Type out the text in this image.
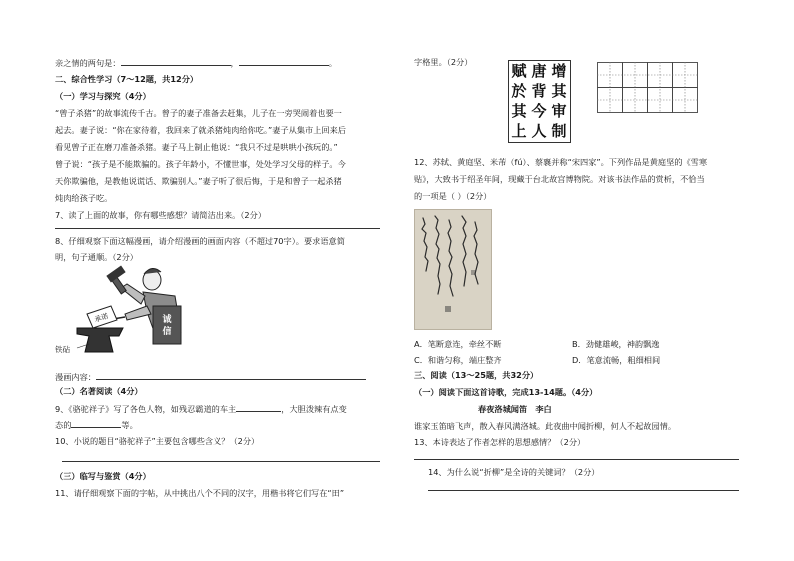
亲之情的两句是：	，	。
二、综合性学习（7～12题，共12分）
（一）学习与探究（4分）
“曾子杀猪”的故事流传千古。曾子的妻子准备去赶集，儿子在一旁哭闹着也要一
起去。妻子说：“你在家待着，我回来了就杀猪炖肉给你吃。”妻子从集市上回来后
看见曾子正在磨刀准备杀猪。妻子马上制止他说：“我只不过是哄哄小孩玩的。”
曾子说：“孩子是不能欺骗的。孩子年龄小，不懂世事，处处学习父母的样子。今
天你欺骗他，是教他说谎话、欺骗别人。”妻子听了很后悔，于是和曾子一起杀猪
炖肉给孩子吃。
7、读了上面的故事，你有哪些感想？请简洁出来。（2分）
8、仔细观察下面这幅漫画，请介绍漫画的画面内容（不超过70字）。要求语意简
明，句子通顺。（2分）
诚
信
承诺
铁砧
漫画内容：
（二）名著阅读（4分）
9、《骆驼祥子》写了各色人物，如残忍霸道的车主	，大胆泼辣有点变
态的	等。
10、小说的题目“骆驼祥子”主要包含哪些含义？（2分）
（三）临写与鉴赏（4分）
11、请仔细观察下面的字帖，从中挑出八个不同的汉字，用楷书将它们写在“田”
字格里。（2分）	赋 唐 增
於 背 其
其 今 审
上 人 制
12、苏轼、黄庭坚、米芾（fú）、蔡襄并称“宋四家”。下列作品是黄庭坚的《雪寒
贴》，大致书于绍圣年间，现藏于台北故宫博物院。对该书法作品的赏析，不恰当
的一项是（ ）（2分）
A．笔断意连，牵丝不断	B．劲健雄峻，神韵飘逸
C．和谐匀称，端庄整齐	D．笔意流畅，粗细相间
三、阅读（13～25题，共32分）
（一）阅读下面这首诗歌，完成13-14题。（4分）
春夜洛城闻笛　李白
谁家玉笛暗飞声，散入春风满洛城。此夜曲中闻折柳，何人不起故园情。
13、本诗表达了作者怎样的思想感情？（2分）
14、为什么说“折柳”是全诗的关键词？（2分）
